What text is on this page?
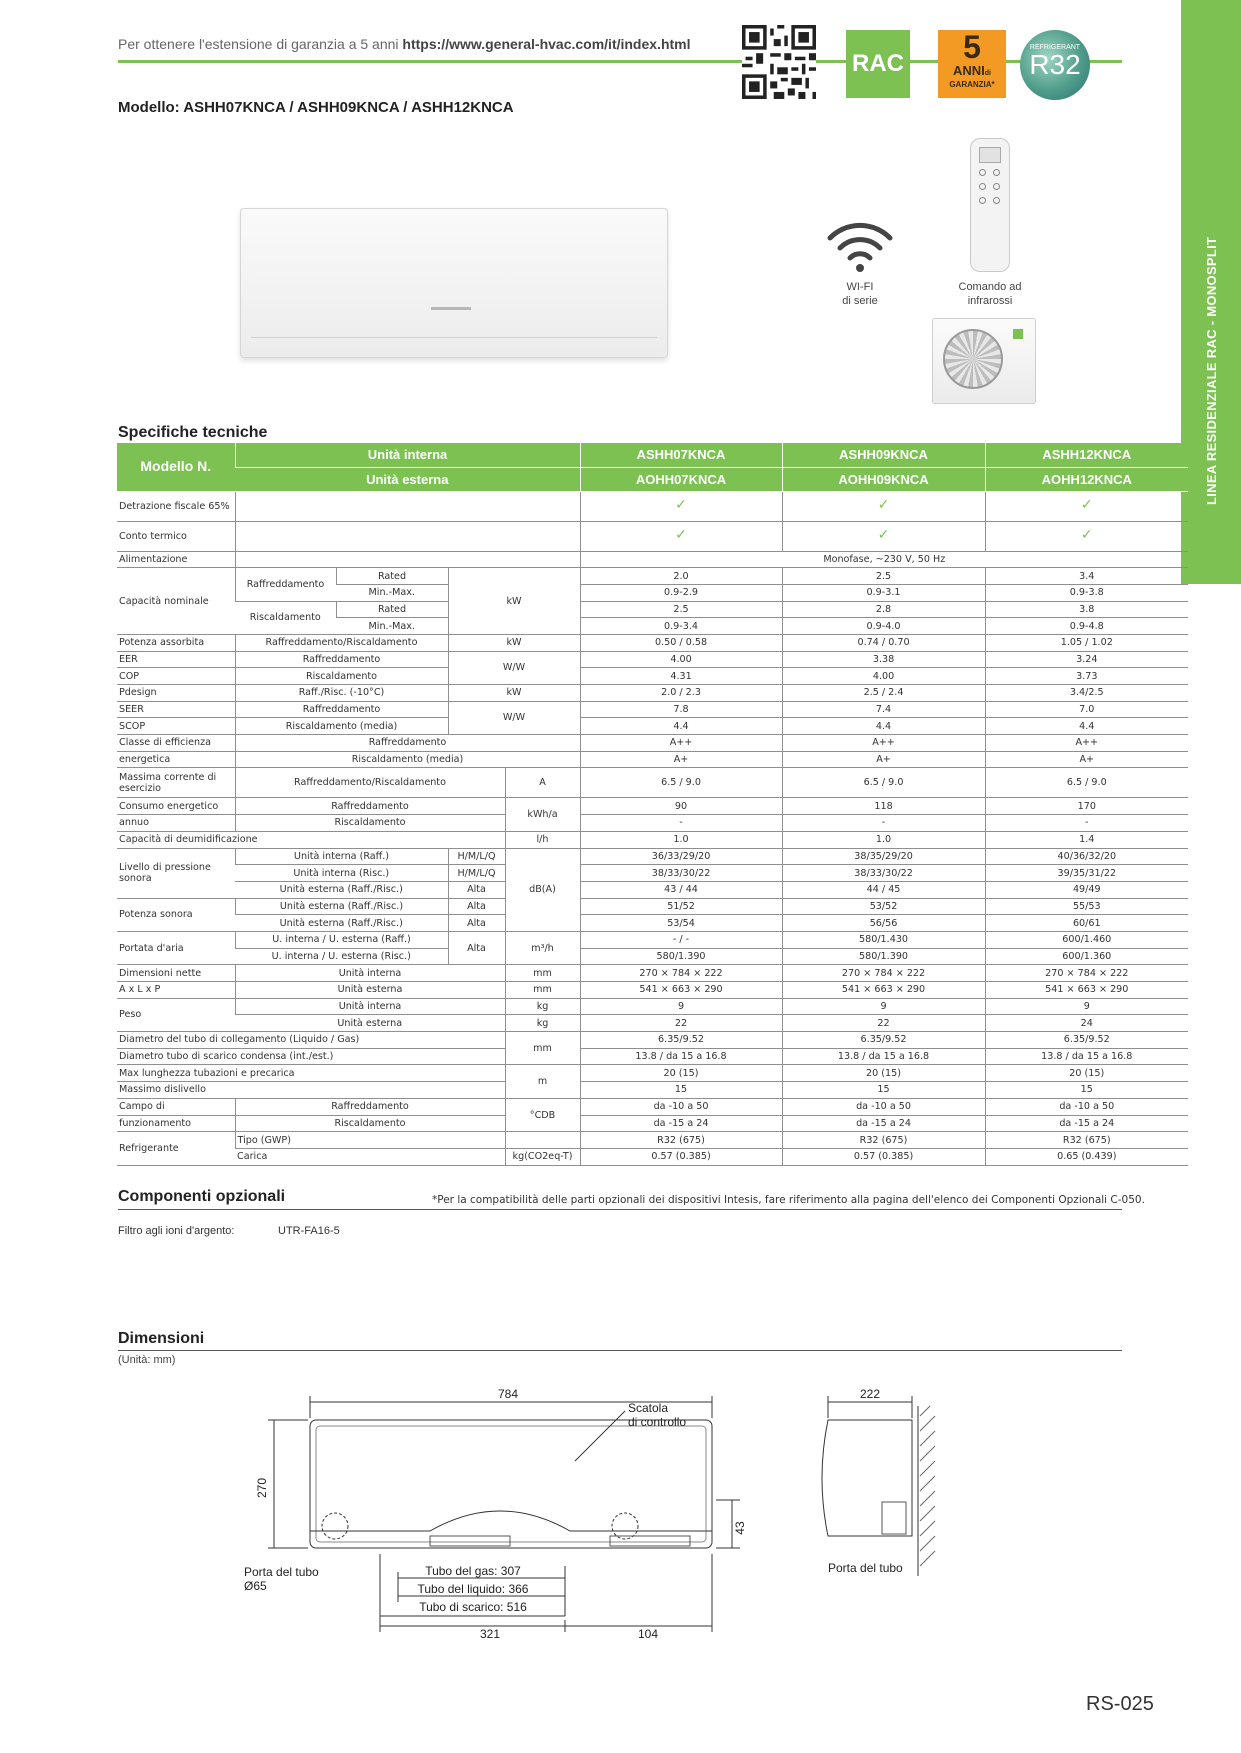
Per ottenere l'estensione di garanzia a 5 anni https://www.general-hvac.com/it/index.html
Modello: ASHH07KNCA / ASHH09KNCA / ASHH12KNCA
RAC	5
ANNIdi
GARANZIA*
REFRIGERANT
R32
LINEA RESIDENZIALE RAC - MONOSPLIT
WI-FI
di serie
Comando ad
infrarossi
Specifiche tecniche
Modello N.	Unità interna				ASHH07KNCA	ASHH09KNCA	ASHH12KNCA
	Unità esterna				AOHH07KNCA	AOHH09KNCA	AOHH12KNCA
Detrazione fiscale 65%					✓	✓	✓
Conto termico					✓	✓	✓
Alimentazione					Monofase, ~230 V, 50 Hz		
Capacità nominale	Raffreddamento	Rated	kW		2.0	2.5	3.4
		Min.-Max.			0.9-2.9	0.9-3.1	0.9-3.8
	Riscaldamento	Rated			2.5	2.8	3.8
		Min.-Max.			0.9-3.4	0.9-4.0	0.9-4.8
Potenza assorbita	Raffreddamento/Riscaldamento		kW		0.50 / 0.58	0.74 / 0.70	1.05 / 1.02
EER	Raffreddamento		W/W		4.00	3.38	3.24
COP	Riscaldamento				4.31	4.00	3.73
Pdesign	Raff./Risc. (-10°C)		kW		2.0 / 2.3	2.5 / 2.4	3.4/2.5
SEER	Raffreddamento		W/W		7.8	7.4	7.0
SCOP	Riscaldamento (media)				4.4	4.4	4.4
Classe di efficienza	Raffreddamento				A++	A++	A++
energetica	Riscaldamento (media)				A+	A+	A+
Massima corrente di
esercizio	Raffreddamento/Riscaldamento			A	6.5 / 9.0	6.5 / 9.0	6.5 / 9.0
Consumo energetico	Raffreddamento			kWh/a	90	118	170
annuo	Riscaldamento				-	-	-
Capacità di deumidificazione				l/h	1.0	1.0	1.4
Livello di pressione
sonora	Unità interna (Raff.)		H/M/L/Q	dB(A)	36/33/29/20	38/35/29/20	40/36/32/20
	Unità interna (Risc.)		H/M/L/Q		38/33/30/22	38/33/30/22	39/35/31/22
	Unità esterna (Raff./Risc.)		Alta		43 / 44	44 / 45	49/49
Potenza sonora	Unità esterna (Raff./Risc.)		Alta		51/52	53/52	55/53
	Unità esterna (Raff./Risc.)		Alta		53/54	56/56	60/61
Portata d'aria	U. interna / U. esterna (Raff.)		Alta	m³/h	- / -	580/1.430	600/1.460
	U. interna / U. esterna (Risc.)				580/1.390	580/1.390	600/1.360
Dimensioni nette	Unità interna			mm	270 × 784 × 222	270 × 784 × 222	270 × 784 × 222
A x L x P	Unità esterna			mm	541 × 663 × 290	541 × 663 × 290	541 × 663 × 290
Peso	Unità interna			kg	9	9	9
	Unità esterna			kg	22	22	24
Diametro del tubo di collegamento (Liquido / Gas)				mm	6.35/9.52	6.35/9.52	6.35/9.52
Diametro tubo di scarico condensa (int./est.)					13.8 / da 15 a 16.8	13.8 / da 15 a 16.8	13.8 / da 15 a 16.8
Max lunghezza tubazioni e precarica				m	20 (15)	20 (15)	20 (15)
Massimo dislivello					15	15	15
Campo di	Raffreddamento			°CDB	da -10 a 50	da -10 a 50	da -10 a 50
funzionamento	Riscaldamento				da -15 a 24	da -15 a 24	da -15 a 24
Refrigerante	Tipo (GWP)				R32 (675)	R32 (675)	R32 (675)
	Carica			kg(CO2eq-T)	0.57 (0.385)	0.57 (0.385)	0.65 (0.439)
Componenti opzionali	*Per la compatibilità delle parti opzionali dei dispositivi Intesis, fare riferimento alla pagina dell'elenco dei Componenti Opzionali C-050.
Filtro agli ioni d'argento:	UTR-FA16-5
Dimensioni
(Unità: mm)
784
270
43
Scatola
di controllo
Porta del tubo
Ø65
Tubo del gas: 307
Tubo del liquido: 366
Tubo di scarico: 516
321	104
222
Porta del tubo
RS-025
